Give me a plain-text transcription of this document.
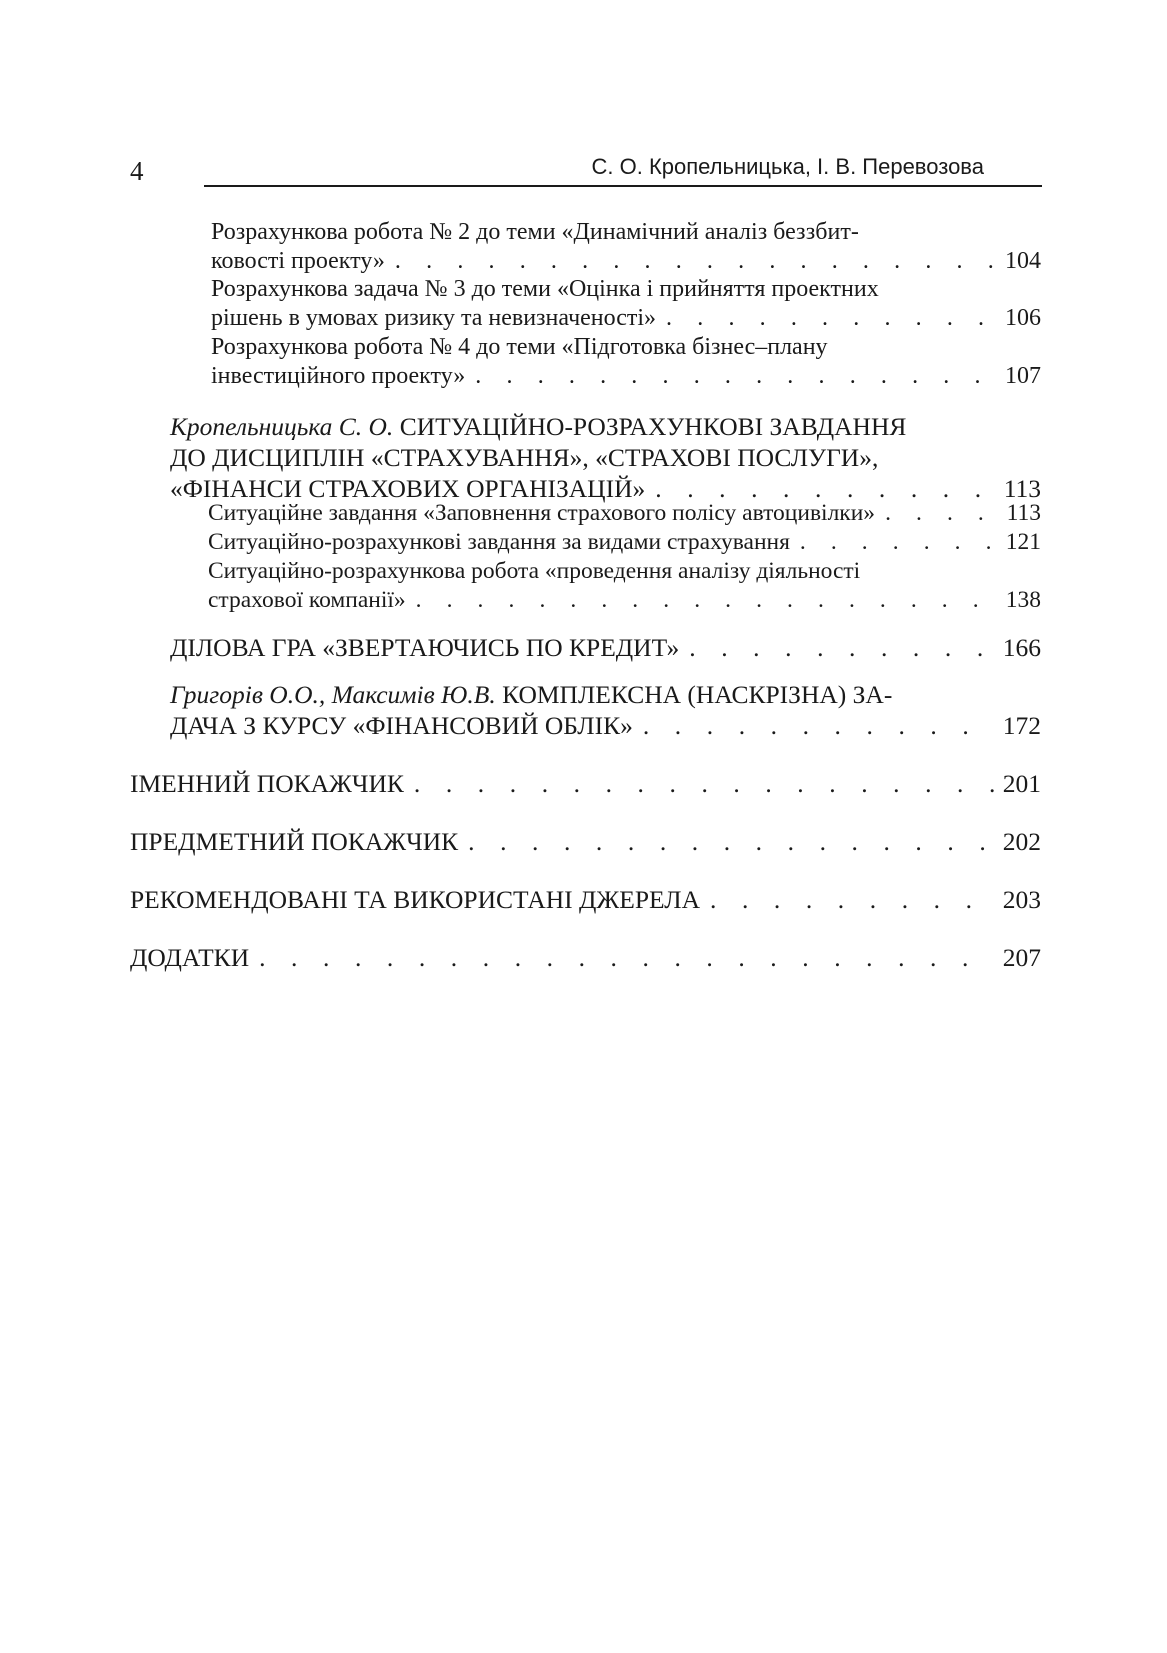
4	С. О. Кропельницька, І. В. Перевозова
Розрахункова робота № 2 до теми «Динамічний аналіз беззбит-
ковості проекту» . . .	104
Розрахункова задача № 3 до теми «Оцінка і прийняття проектних
рішень в умовах ризику та невизначеності» . . .	106
Розрахункова робота № 4 до теми «Підготовка бізнес–плану
інвестиційного проекту» . . .	107
Кропельницька С. О. СИТУАЦІЙНО-РОЗРАХУНКОВІ ЗАВДАННЯ
ДО ДИСЦИПЛІН «СТРАХУВАННЯ», «СТРАХОВІ ПОСЛУГИ»,
«ФІНАНСИ СТРАХОВИХ ОРГАНІЗАЦІЙ» . . .	113
Ситуаційне завдання «Заповнення страхового полісу автоцивілки» . . .	113
Ситуаційно-розрахункові завдання за видами страхування . . .	121
Ситуаційно-розрахункова робота «проведення аналізу діяльності
страхової компанії» . . .	138
ДІЛОВА ГРА «ЗВЕРТАЮЧИСЬ ПО КРЕДИТ» . . .	166
Григорів О.О., Максимів Ю.В. КОМПЛЕКСНА (НАСКРІЗНА) ЗА-
ДАЧА З КУРСУ «ФІНАНСОВИЙ ОБЛІК» . . .	172
ІМЕННИЙ ПОКАЖЧИК . . .	201
ПРЕДМЕТНИЙ ПОКАЖЧИК . . .	202
РЕКОМЕНДОВАНІ ТА ВИКОРИСТАНІ ДЖЕРЕЛА . . .	203
ДОДАТКИ . . .	207
